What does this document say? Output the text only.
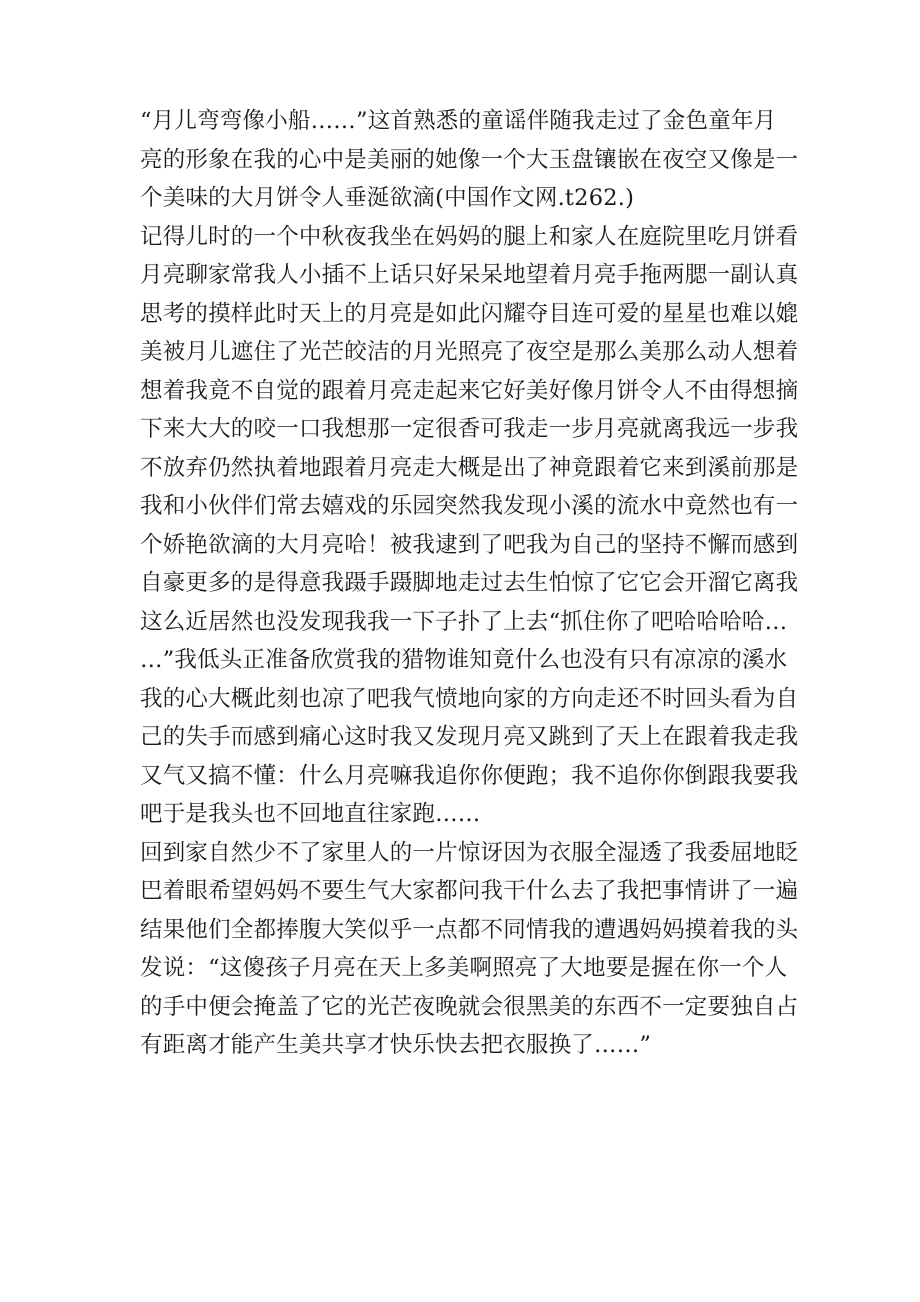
“月儿弯弯像小船……”这首熟悉的童谣伴随我走过了金色童年月
亮的形象在我的心中是美丽的她像一个大玉盘镶嵌在夜空又像是一
个美味的大月饼令人垂涎欲滴(中国作文网.t262.)
记得儿时的一个中秋夜我坐在妈妈的腿上和家人在庭院里吃月饼看
月亮聊家常我人小插不上话只好呆呆地望着月亮手拖两腮一副认真
思考的摸样此时天上的月亮是如此闪耀夺目连可爱的星星也难以媲
美被月儿遮住了光芒皎洁的月光照亮了夜空是那么美那么动人想着
想着我竟不自觉的跟着月亮走起来它好美好像月饼令人不由得想摘
下来大大的咬一口我想那一定很香可我走一步月亮就离我远一步我
不放弃仍然执着地跟着月亮走大概是出了神竟跟着它来到溪前那是
我和小伙伴们常去嬉戏的乐园突然我发现小溪的流水中竟然也有一
个娇艳欲滴的大月亮哈！被我逮到了吧我为自己的坚持不懈而感到
自豪更多的是得意我蹑手蹑脚地走过去生怕惊了它它会开溜它离我
这么近居然也没发现我我一下子扑了上去“抓住你了吧哈哈哈哈…
…”我低头正准备欣赏我的猎物谁知竟什么也没有只有凉凉的溪水
我的心大概此刻也凉了吧我气愤地向家的方向走还不时回头看为自
己的失手而感到痛心这时我又发现月亮又跳到了天上在跟着我走我
又气又搞不懂：什么月亮嘛我追你你便跑；我不追你你倒跟我要我
吧于是我头也不回地直往家跑……
回到家自然少不了家里人的一片惊讶因为衣服全湿透了我委屈地眨
巴着眼希望妈妈不要生气大家都问我干什么去了我把事情讲了一遍
结果他们全都捧腹大笑似乎一点都不同情我的遭遇妈妈摸着我的头
发说：“这傻孩子月亮在天上多美啊照亮了大地要是握在你一个人
的手中便会掩盖了它的光芒夜晚就会很黑美的东西不一定要独自占
有距离才能产生美共享才快乐快去把衣服换了……”
